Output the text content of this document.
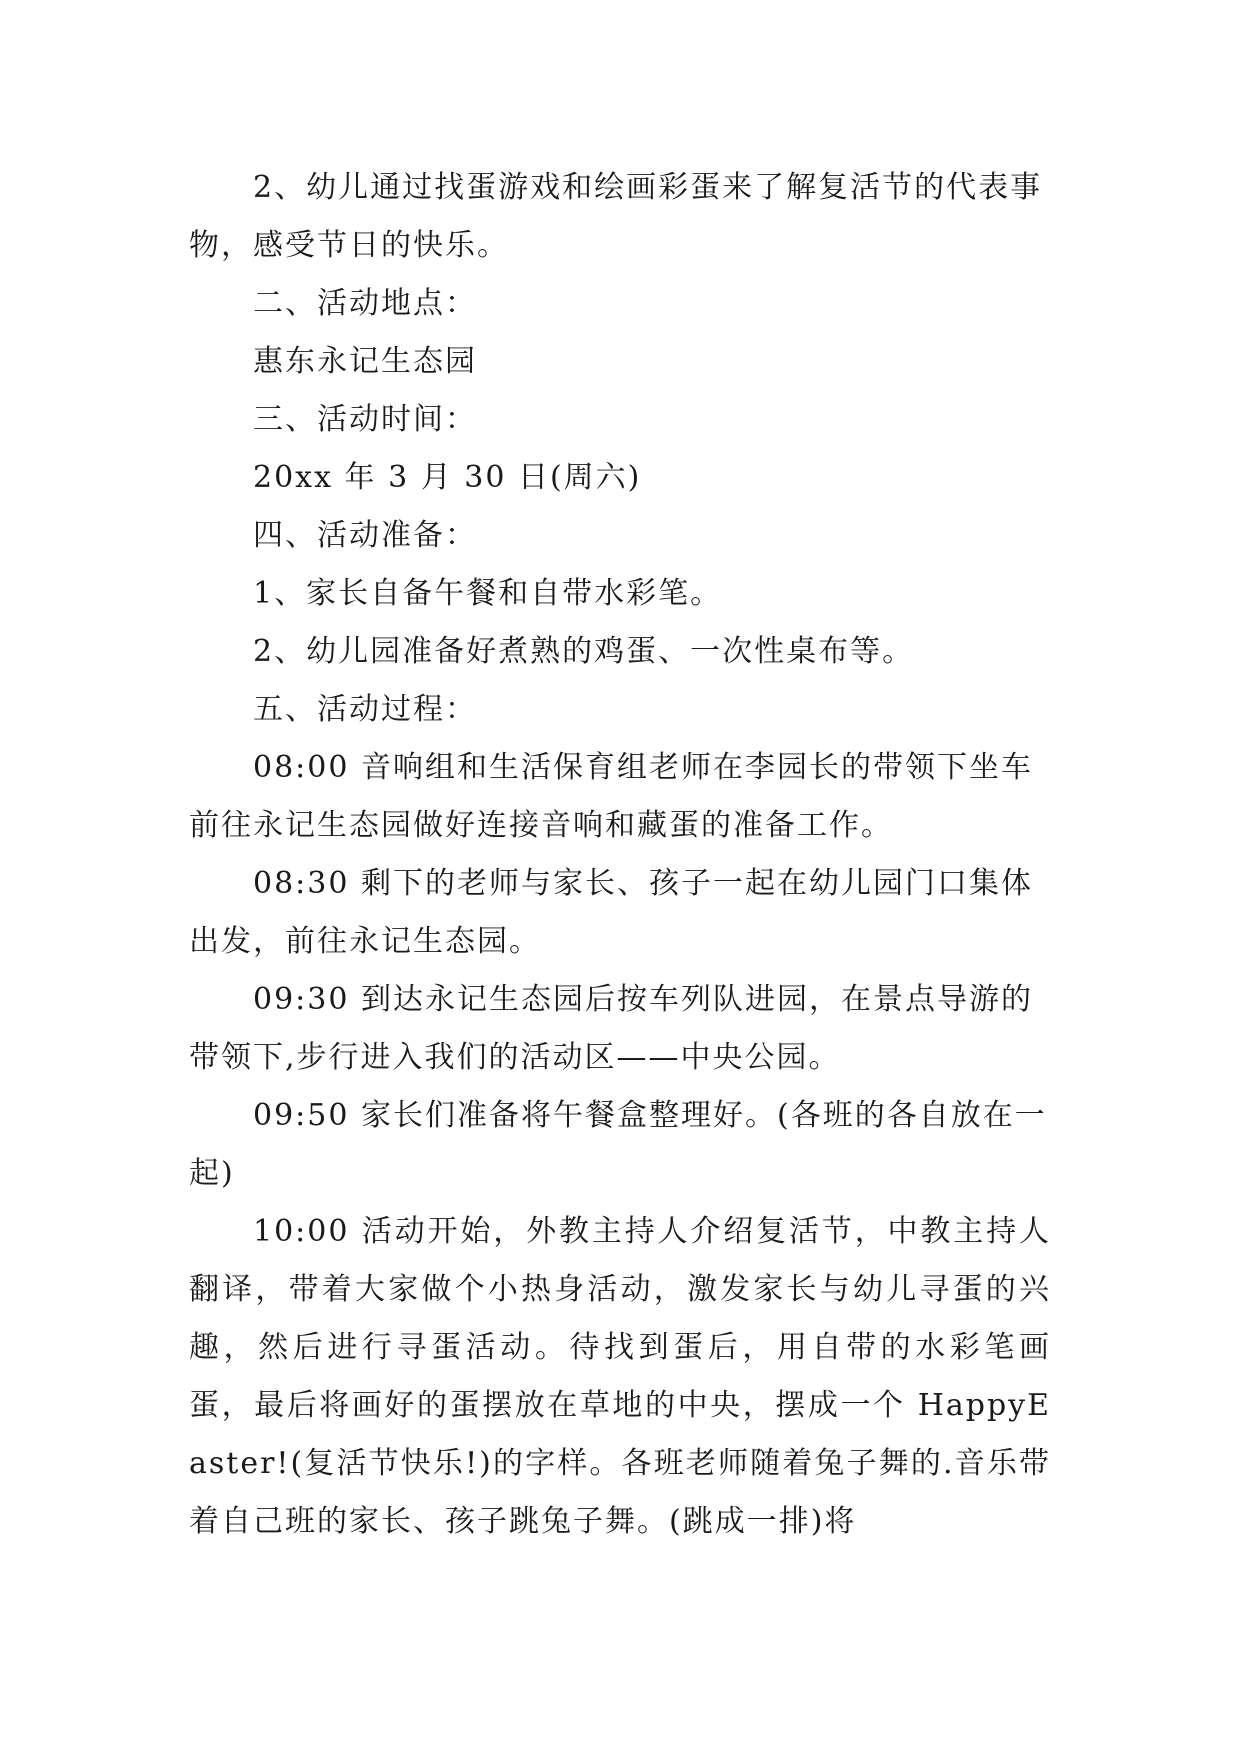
2、幼儿通过找蛋游戏和绘画彩蛋来了解复活节的代表事物，感受节日的快乐。

二、活动地点：

惠东永记生态园

三、活动时间：

20xx 年 3 月 30 日(周六)

四、活动准备：

1、家长自备午餐和自带水彩笔。

2、幼儿园准备好煮熟的鸡蛋、一次性桌布等。

五、活动过程：

08:00 音响组和生活保育组老师在李园长的带领下坐车前往永记生态园做好连接音响和藏蛋的准备工作。

08:30 剩下的老师与家长、孩子一起在幼儿园门口集体出发，前往永记生态园。

09:30 到达永记生态园后按车列队进园，在景点导游的带领下,步行进入我们的活动区——中央公园。

09:50 家长们准备将午餐盒整理好。(各班的各自放在一起)

10:00 活动开始，外教主持人介绍复活节，中教主持人翻译，带着大家做个小热身活动，激发家长与幼儿寻蛋的兴趣，然后进行寻蛋活动。待找到蛋后，用自带的水彩笔画蛋，最后将画好的蛋摆放在草地的中央，摆成一个 HappyEaster!(复活节快乐!)的字样。各班老师随着兔子舞的.音乐带着自己班的家长、孩子跳兔子舞。(跳成一排)将
